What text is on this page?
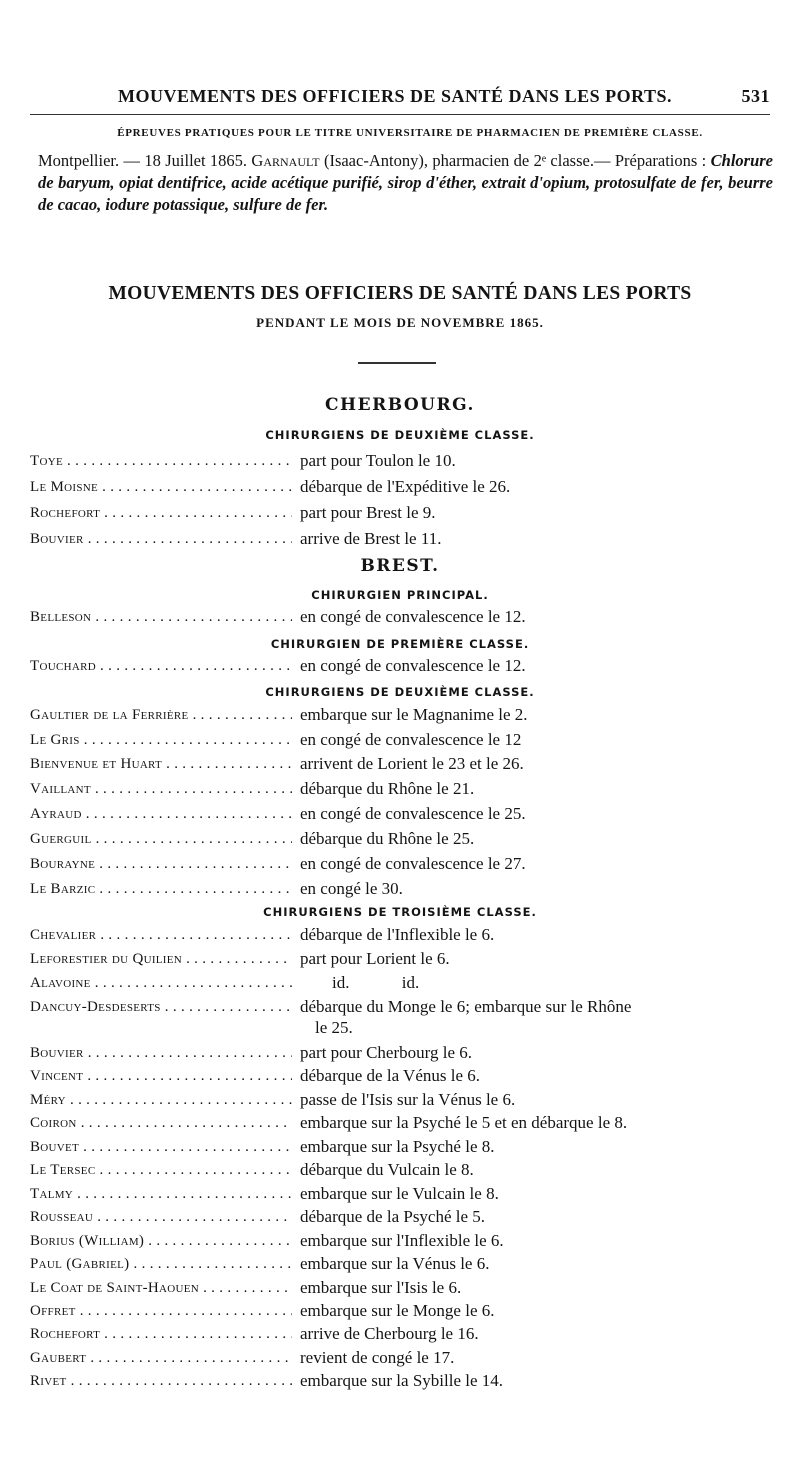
MOUVEMENTS DES OFFICIERS DE SANTÉ DANS LES PORTS.	531
ÉPREUVES PRATIQUES POUR LE TITRE UNIVERSITAIRE DE PHARMACIEN DE PREMIÈRE CLASSE.
Montpellier. — 18 Juillet 1865. Garnault (Isaac-Antony), pharmacien de 2ᵉ classe.— Préparations : Chlorure de baryum, opiat dentifrice, acide acétique purifié, sirop d'éther, extrait d'opium, protosulfate de fer, beurre de cacao, iodure potassique, sulfure de fer.
MOUVEMENTS DES OFFICIERS DE SANTÉ DANS LES PORTS
PENDANT LE MOIS DE NOVEMBRE 1865.
CHERBOURG.
CHIRURGIENS DE DEUXIÈME CLASSE.
Toye . . .	part pour Toulon le 10.
Le Moisne . . .	débarque de l'Expéditive le 26.
Rochefort . . .	part pour Brest le 9.
Bouvier . . .	arrive de Brest le 11.
BREST.
CHIRURGIEN PRINCIPAL.
Belleson . . .	en congé de convalescence le 12.
CHIRURGIEN DE PREMIÈRE CLASSE.
Touchard . . .	en congé de convalescence le 12.
CHIRURGIENS DE DEUXIÈME CLASSE.
Gaultier de la Ferrière . . .	embarque sur le Magnanime le 2.
Le Gris . . .	en congé de convalescence le 12
Bienvenue et Huart . . .	arrivent de Lorient le 23 et le 26.
Vaillant . . .	débarque du Rhône le 21.
Ayraud . . .	en congé de convalescence le 25.
Guerguil . . .	débarque du Rhône le 25.
Bourayne . . .	en congé de convalescence le 27.
Le Barzic . . .	en congé le 30.
CHIRURGIENS DE TROISIÈME CLASSE.
Chevalier . . .	débarque de l'Inflexible le 6.
Leforestier du Quilien . . .	part pour Lorient le 6.
Alavoine . . .	id. id.
Dancuy-Desdeserts . . .	débarque du Monge le 6; embarque sur le Rhône
le 25.
Bouvier . . .	part pour Cherbourg le 6.
Vincent . . .	débarque de la Vénus le 6.
Méry . . .	passe de l'Isis sur la Vénus le 6.
Coiron . . .	embarque sur la Psyché le 5 et en débarque le 8.
Bouvet . . .	embarque sur la Psyché le 8.
Le Tersec . . .	débarque du Vulcain le 8.
Talmy . . .	embarque sur le Vulcain le 8.
Rousseau . . .	débarque de la Psyché le 5.
Borius (William) . . .	embarque sur l'Inflexible le 6.
Paul (Gabriel) . . .	embarque sur la Vénus le 6.
Le Coat de Saint-Haouen . . .	embarque sur l'Isis le 6.
Offret . . .	embarque sur le Monge le 6.
Rochefort . . .	arrive de Cherbourg le 16.
Gaubert . . .	revient de congé le 17.
Rivet . . .	embarque sur la Sybille le 14.
